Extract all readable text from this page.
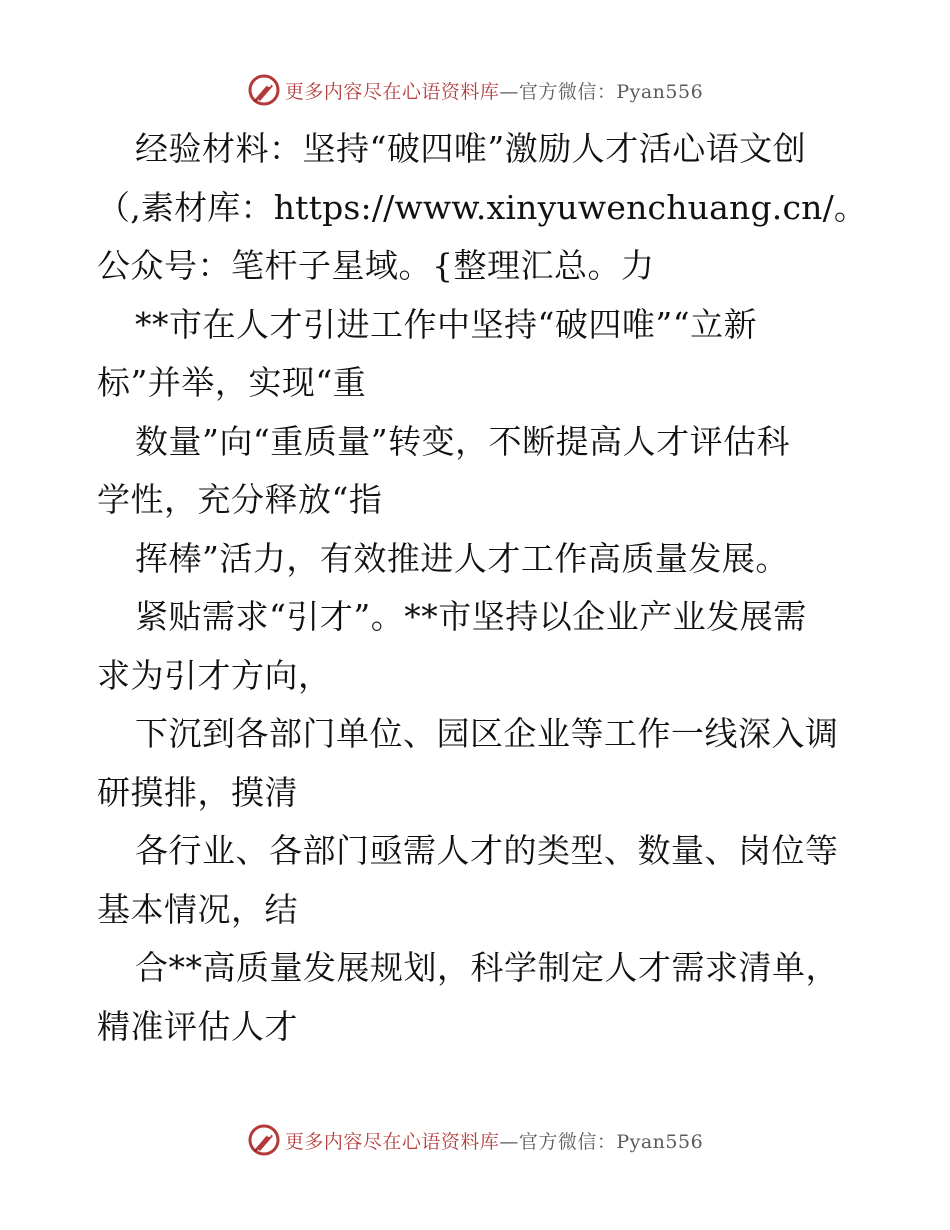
更多内容尽在心语资料库—官方微信：Pyan556
经验材料：坚持“破四唯”激励人才活心语文创
（,素材库：https://www.xinyuwenchuang.cn/。
公众号：笔杆子星域。{整理汇总。力
**市在人才引进工作中坚持“破四唯”“立新
标”并举，实现“重
数量”向“重质量”转变，不断提高人才评估科
学性，充分释放“指
挥棒”活力，有效推进人才工作高质量发展。
紧贴需求“引才”。**市坚持以企业产业发展需
求为引才方向，
下沉到各部门单位、园区企业等工作一线深入调
研摸排，摸清
各行业、各部门亟需人才的类型、数量、岗位等
基本情况，结
合**高质量发展规划，科学制定人才需求清单，
精准评估人才
更多内容尽在心语资料库—官方微信：Pyan556
